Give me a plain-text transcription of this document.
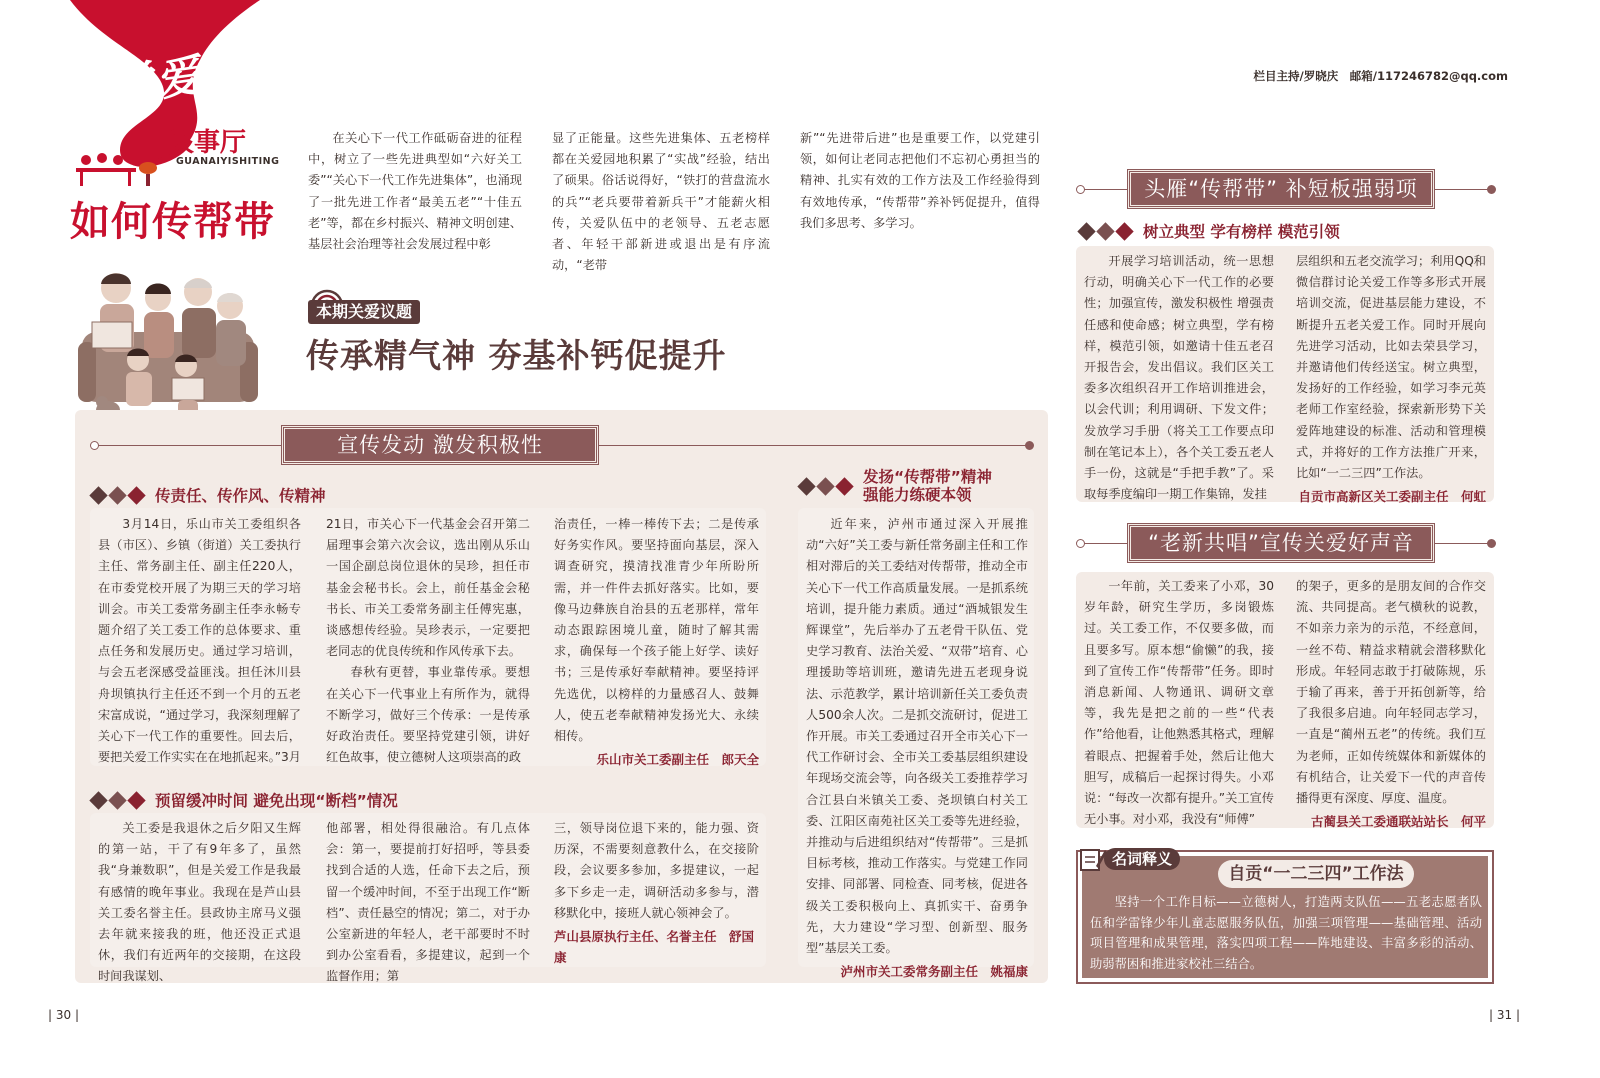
关爱
议事厅
GUANAIYISHITING
如何传帮带
栏目主持/罗晓庆　邮箱/117246782@qq.com

在关心下一代工作砥砺奋进的征程中，树立了一些先进典型如“六好关工委”“关心下一代工作先进集体”，也涌现了一批先进工作者“最美五老”“十佳五老”等，都在乡村振兴、精神文明创建、基层社会治理等社会发展过程中彰

显了正能量。这些先进集体、五老榜样都在关爱园地积累了“实战”经验，结出了硕果。俗话说得好，“铁打的营盘流水的兵”“老兵要带着新兵干”才能薪火相传，关爱队伍中的老领导、五老志愿者、年轻干部新进或退出是有序流动，“老带
新”“先进带后进”也是重要工作，以党建引领，如何让老同志把他们不忘初心勇担当的精神、扎实有效的工作方法及工作经验得到有效地传承，“传帮带”养补钙促提升，值得我们多思考、多学习。
本期关爱议题
传承精气神 夯基补钙促提升
宣传发动 激发积极性
传责任、传作风、传精神

3月14日，乐山市关工委组织各县（市区）、乡镇（街道）关工委执行主任、常务副主任、副主任220人，在市委党校开展了为期三天的学习培训会。市关工委常务副主任李永畅专题介绍了关工委工作的总体要求、重点任务和发展历史。通过学习培训，与会五老深感受益匪浅。担任沐川县舟坝镇执行主任还不到一个月的五老宋富成说，“通过学习，我深刻理解了关心下一代工作的重要性。回去后，要把关爱工作实实在在地抓起来。”3月

21日，市关心下一代基金会召开第二届理事会第六次会议，选出刚从乐山一国企副总岗位退休的吴珍，担任市基金会秘书长。会上，前任基金会秘书长、市关工委常务副主任傅宪惠，谈感想传经验。吴珍表示，一定要把老同志的优良传统和作风传承下去。

春秋有更替，事业靠传承。要想在关心下一代事业上有所作为，就得不断学习，做好三个传承：一是传承好政治责任。要坚持党建引领，讲好红色故事，使立德树人这项崇高的政

治责任，一棒一棒传下去；二是传承好务实作风。要坚持面向基层，深入调查研究，摸清找准青少年所盼所需，并一件件去抓好落实。比如，要像马边彝族自治县的五老那样，常年动态跟踪困境儿童，随时了解其需求，确保每一个孩子能上好学、读好书；三是传承好奉献精神。要坚持评先选优，以榜样的力量感召人、鼓舞人，使五老奉献精神发扬光大、永续相传。
乐山市关工委副主任　郎天全
预留缓冲时间 避免出现“断档”情况

关工委是我退休之后夕阳又生辉的第一站，干了有9年多了，虽然我“身兼数职”，但是关爱工作是我最有感情的晚年事业。我现在是芦山县关工委名誉主任。县政协主席马义强去年就来接我的班，他还没正式退休，我们有近两年的交接期，在这段时间我谋划、

他部署，相处得很融洽。有几点体会：第一，要提前打好招呼，等县委找到合适的人选，任命下去之后，预留一个缓冲时间，不至于出现工作“断档”、责任悬空的情况；第二，对于办公室新进的年轻人，老干部要时不时到办公室看看，多提建议，起到一个监督作用；第
三，领导岗位退下来的，能力强、资历深，不需要刻意教什么，在交接阶段，会议要多参加，多提建议，一起多下乡走一走，调研活动多参与，潜移默化中，接班人就心领神会了。
芦山县原执行主任、名誉主任　舒国康
发扬“传帮带”精神
强能力练硬本领

近年来，泸州市通过深入开展推动“六好”关工委与新任常务副主任和工作相对滞后的关工委结对传帮带，推动全市关心下一代工作高质量发展。一是抓系统培训，提升能力素质。通过“酒城银发生辉课堂”，先后举办了五老骨干队伍、党史学习教育、法治关爱、“双带”培育、心理援助等培训班，邀请先进五老现身说法、示范教学，累计培训新任关工委负责人500余人次。二是抓交流研讨，促进工作开展。市关工委通过召开全市关心下一代工作研讨会、全市关工委基层组织建设年现场交流会等，向各级关工委推荐学习合江县白米镇关工委、尧坝镇白村关工委、江阳区南苑社区关工委等先进经验，并推动与后进组织结对“传帮带”。三是抓目标考核，推动工作落实。与党建工作同安排、同部署、同检查、同考核，促进各级关工委积极向上、真抓实干、奋勇争先，大力建设“学习型、创新型、服务型”基层关工委。

泸州市关工委常务副主任　姚福康
头雁“传帮带” 补短板强弱项
树立典型 学有榜样 模范引领

开展学习培训活动，统一思想行动，明确关心下一代工作的必要性；加强宣传，激发积极性 增强责任感和使命感；树立典型，学有榜样，模范引领，如邀请十佳五老召开报告会，发出倡议。我们区关工委多次组织召开工作培训推进会，以会代训；利用调研、下发文件；发放学习手册（将关工工作要点印制在笔记本上），各个关工委五老人手一份，这就是“手把手教”了。采取每季度编印一期工作集锦，发挂

层组织和五老交流学习；利用QQ和微信群讨论关爱工作等多形式开展培训交流，促进基层能力建设，不断提升五老关爱工作。同时开展向先进学习活动，比如去荣县学习，并邀请他们传经送宝。树立典型，发扬好的工作经验，如学习李元英老师工作室经验，探索新形势下关爱阵地建设的标准、活动和管理模式，并将好的工作方法推广开来，比如“一二三四”工作法。
自贡市高新区关工委副主任　何虹
“老新共唱”宣传关爱好声音

一年前，关工委来了小邓，30岁年龄，研究生学历，多岗锻炼过。关工委工作，不仅要多做，而且要多写。原本想“偷懒”的我，接到了宣传工作“传帮带”任务。即时消息新闻、人物通讯、调研文章等，我先是把之前的一些“代表作”给他看，让他熟悉其格式，理解着眼点、把握着手处，然后让他大胆写，成稿后一起探讨得失。小邓说：“每改一次都有提升。”关工宣传无小事。对小邓，我没有“师傅”

的架子，更多的是朋友间的合作交流、共同提高。老气横秋的说教，不如亲力亲为的示范，不经意间，一丝不苟、精益求精就会潜移默化形成。年轻同志敢于打破陈规，乐于输了再来，善于开拓创新等，给了我很多启迪。向年轻同志学习，一直是“蔺州五老”的传统。我们互为老师，正如传统媒体和新媒体的有机结合，让关爱下一代的声音传播得更有深度、厚度、温度。
古蔺县关工委通联站站长　何平
名词释义
自贡“一二三四”工作法

坚持一个工作目标——立德树人，打造两支队伍——五老志愿者队伍和学雷锋少年儿童志愿服务队伍，加强三项管理——基础管理、活动项目管理和成果管理，落实四项工程——阵地建设、丰富多彩的活动、助弱帮困和推进家校社三结合。

| 30 |	| 31 |
